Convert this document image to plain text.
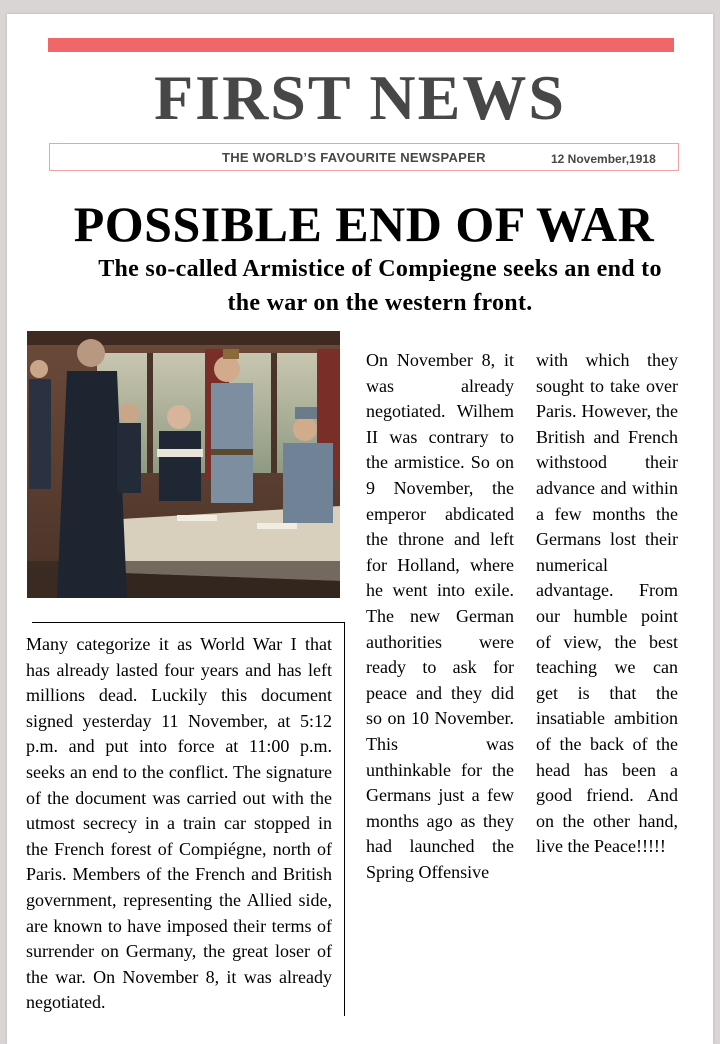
FIRST NEWS
THE WORLD’S FAVOURITE NEWSPAPER	12 November,1918
POSSIBLE END OF WAR
The so-called Armistice of Compiegne seeks an end to the war on the western front.

Many categorize it as World War I that has already lasted four years and has left millions dead. Luckily this document signed yesterday 11 November, at 5:12 p.m. and put into force at 11:00 p.m. seeks an end to the conflict. The signature of the document was carried out with the utmost secrecy in a train car stopped in the French forest of Compiégne, north of Paris. Members of the French and British government, representing the Allied side, are known to have imposed their terms of surrender on Germany, the great loser of the war. On November 8, it was already negotiated.

On November 8, it was already negotiated. Wilhem II was contrary to the armistice. So on 9 November, the emperor abdicated the throne and left for Holland, where he went into exile. The new German authorities were ready to ask for peace and they did so on 10 November. This was unthinkable for the Germans just a few months ago as they had launched the Spring Offensive

with which they sought to take over Paris. However, the British and French withstood their advance and within a few months the Germans lost their numerical advantage. From our humble point of view, the best teaching we can get is that the insatiable ambition of the back of the head has been a good friend. And on the other hand, live the Peace!!!!!
